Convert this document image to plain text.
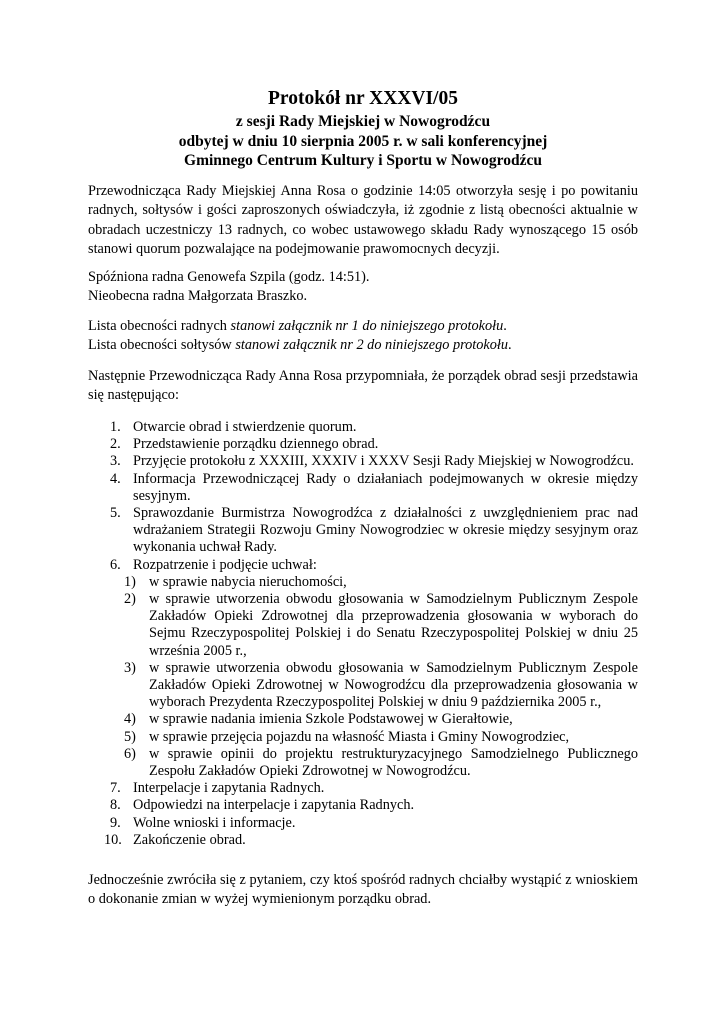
Protokół nr XXXVI/05
z sesji Rady Miejskiej w Nowogrodźcu
odbytej w dniu 10 sierpnia 2005 r. w sali konferencyjnej
Gminnego Centrum Kultury i Sportu w Nowogrodźcu

Przewodnicząca Rady Miejskiej Anna Rosa o godzinie 14:05 otworzyła sesję i po powitaniu radnych, sołtysów i gości zaproszonych oświadczyła, iż zgodnie z listą obecności aktualnie w obradach uczestniczy 13 radnych, co wobec ustawowego składu Rady wynoszącego 15 osób stanowi quorum pozwalające na podejmowanie prawomocnych decyzji.

Spóźniona radna Genowefa Szpila (godz. 14:51).
Nieobecna radna Małgorzata Braszko.
Lista obecności radnych stanowi załącznik nr 1 do niniejszego protokołu.
Lista obecności sołtysów stanowi załącznik nr 2 do niniejszego protokołu.

Następnie Przewodnicząca Rady Anna Rosa przypomniała, że porządek obrad sesji przedstawia się następująco:

1. Otwarcie obrad i stwierdzenie quorum.
2. Przedstawienie porządku dziennego obrad.
3. Przyjęcie protokołu z XXXIII, XXXIV i XXXV Sesji Rady Miejskiej w Nowogrodźcu.
4. Informacja Przewodniczącej Rady o działaniach podejmowanych w okresie między sesyjnym.
5. Sprawozdanie Burmistrza Nowogrodźca z działalności z uwzględnieniem prac nad wdrażaniem Strategii Rozwoju Gminy Nowogrodziec w okresie między sesyjnym oraz wykonania uchwał Rady.
6. Rozpatrzenie i podjęcie uchwał:
1) w sprawie nabycia nieruchomości,
2) w sprawie utworzenia obwodu głosowania w Samodzielnym Publicznym Zespole Zakładów Opieki Zdrowotnej dla przeprowadzenia głosowania w wyborach do Sejmu Rzeczypospolitej Polskiej i do Senatu Rzeczypospolitej Polskiej w dniu 25 września 2005 r.,
3) w sprawie utworzenia obwodu głosowania w Samodzielnym Publicznym Zespole Zakładów Opieki Zdrowotnej w Nowogrodźcu dla przeprowadzenia głosowania w wyborach Prezydenta Rzeczypospolitej Polskiej w dniu 9 października 2005 r.,
4) w sprawie nadania imienia Szkole Podstawowej w Gierałtowie,
5) w sprawie przejęcia pojazdu na własność Miasta i Gminy Nowogrodziec,
6) w sprawie opinii do projektu restrukturyzacyjnego Samodzielnego Publicznego Zespołu Zakładów Opieki Zdrowotnej w Nowogrodźcu.
7. Interpelacje i zapytania Radnych.
8. Odpowiedzi na interpelacje i zapytania Radnych.
9. Wolne wnioski i informacje.
10. Zakończenie obrad.

Jednocześnie zwróciła się z pytaniem, czy ktoś spośród radnych chciałby wystąpić z wnioskiem o dokonanie zmian w wyżej wymienionym porządku obrad.
